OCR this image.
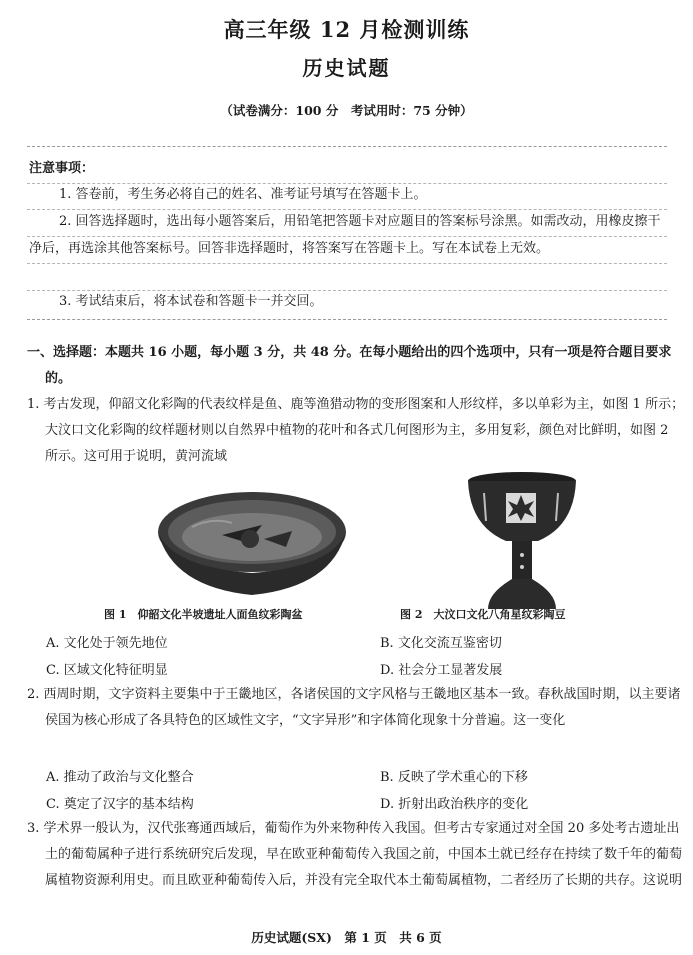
高三年级 12 月检测训练
历史试题
（试卷满分：100 分　考试用时：75 分钟）
注意事项：
1. 答卷前，考生务必将自己的姓名、准考证号填写在答题卡上。
2. 回答选择题时，选出每小题答案后，用铅笔把答题卡对应题目的答案标号涂黑。如需改动，用橡皮擦干净后，再选涂其他答案标号。回答非选择题时，将答案写在答题卡上。写在本试卷上无效。
3. 考试结束后，将本试卷和答题卡一并交回。
一、选择题：本题共 16 小题，每小题 3 分，共 48 分。在每小题给出的四个选项中，只有一项是符合题目要求的。
1. 考古发现，仰韶文化彩陶的代表纹样是鱼、鹿等渔猎动物的变形图案和人形纹样，多以单彩为主，如图 1 所示；大汶口文化彩陶的纹样题材则以自然界中植物的花叶和各式几何图形为主，多用复彩，颜色对比鲜明，如图 2 所示。这可用于说明，黄河流域
图 1　仰韶文化半坡遗址人面鱼纹彩陶盆	图 2　大汶口文化八角星纹彩陶豆
A. 文化处于领先地位	B. 文化交流互鉴密切
C. 区域文化特征明显	D. 社会分工显著发展
2. 西周时期，文字资料主要集中于王畿地区，各诸侯国的文字风格与王畿地区基本一致。春秋战国时期，以主要诸侯国为核心形成了各具特色的区域性文字，“文字异形”和字体简化现象十分普遍。这一变化
A. 推动了政治与文化整合	B. 反映了学术重心的下移
C. 奠定了汉字的基本结构	D. 折射出政治秩序的变化
3. 学术界一般认为，汉代张骞通西域后，葡萄作为外来物种传入我国。但考古专家通过对全国 20 多处考古遗址出土的葡萄属种子进行系统研究后发现，早在欧亚种葡萄传入我国之前，中国本土就已经存在持续了数千年的葡萄属植物资源利用史。而且欧亚种葡萄传入后，并没有完全取代本土葡萄属植物，二者经历了长期的共存。这说明
历史试题(SX)　第 1 页　共 6 页
